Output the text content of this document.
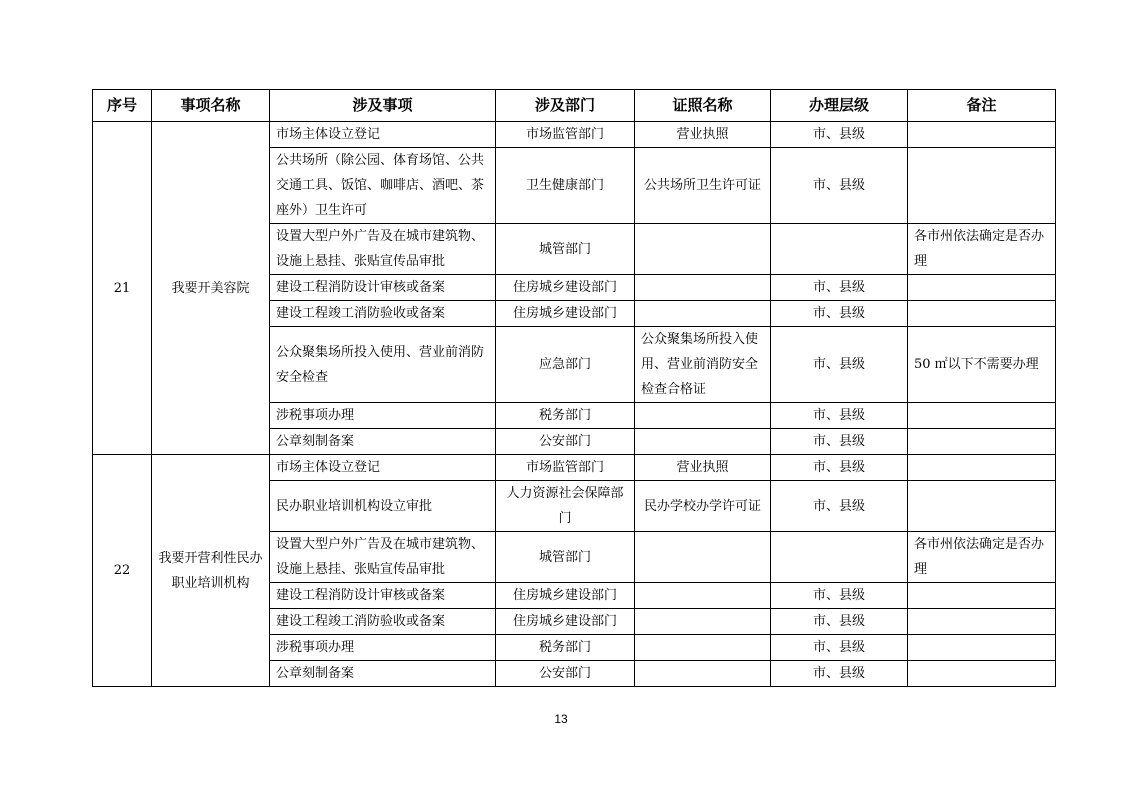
序号	事项名称	涉及事项	涉及部门	证照名称	办理层级	备注
21	我要开美容院	市场主体设立登记	市场监管部门	营业执照	市、县级	
		公共场所（除公园、体育场馆、公共交通工具、饭馆、咖啡店、酒吧、茶座外）卫生许可	卫生健康部门	公共场所卫生许可证	市、县级	
		设置大型户外广告及在城市建筑物、设施上悬挂、张贴宣传品审批	城管部门			各市州依法确定是否办理
		建设工程消防设计审核或备案	住房城乡建设部门		市、县级	
		建设工程竣工消防验收或备案	住房城乡建设部门		市、县级	
		公众聚集场所投入使用、营业前消防安全检查	应急部门	公众聚集场所投入使用、营业前消防安全检查合格证	市、县级	50 ㎡以下不需要办理
		涉税事项办理	税务部门		市、县级	
		公章刻制备案	公安部门		市、县级	
22	我要开营利性民办职业培训机构	市场主体设立登记	市场监管部门	营业执照	市、县级	
		民办职业培训机构设立审批	人力资源社会保障部门	民办学校办学许可证	市、县级	
		设置大型户外广告及在城市建筑物、设施上悬挂、张贴宣传品审批	城管部门			各市州依法确定是否办理
		建设工程消防设计审核或备案	住房城乡建设部门		市、县级	
		建设工程竣工消防验收或备案	住房城乡建设部门		市、县级	
		涉税事项办理	税务部门		市、县级	
		公章刻制备案	公安部门		市、县级	
13
